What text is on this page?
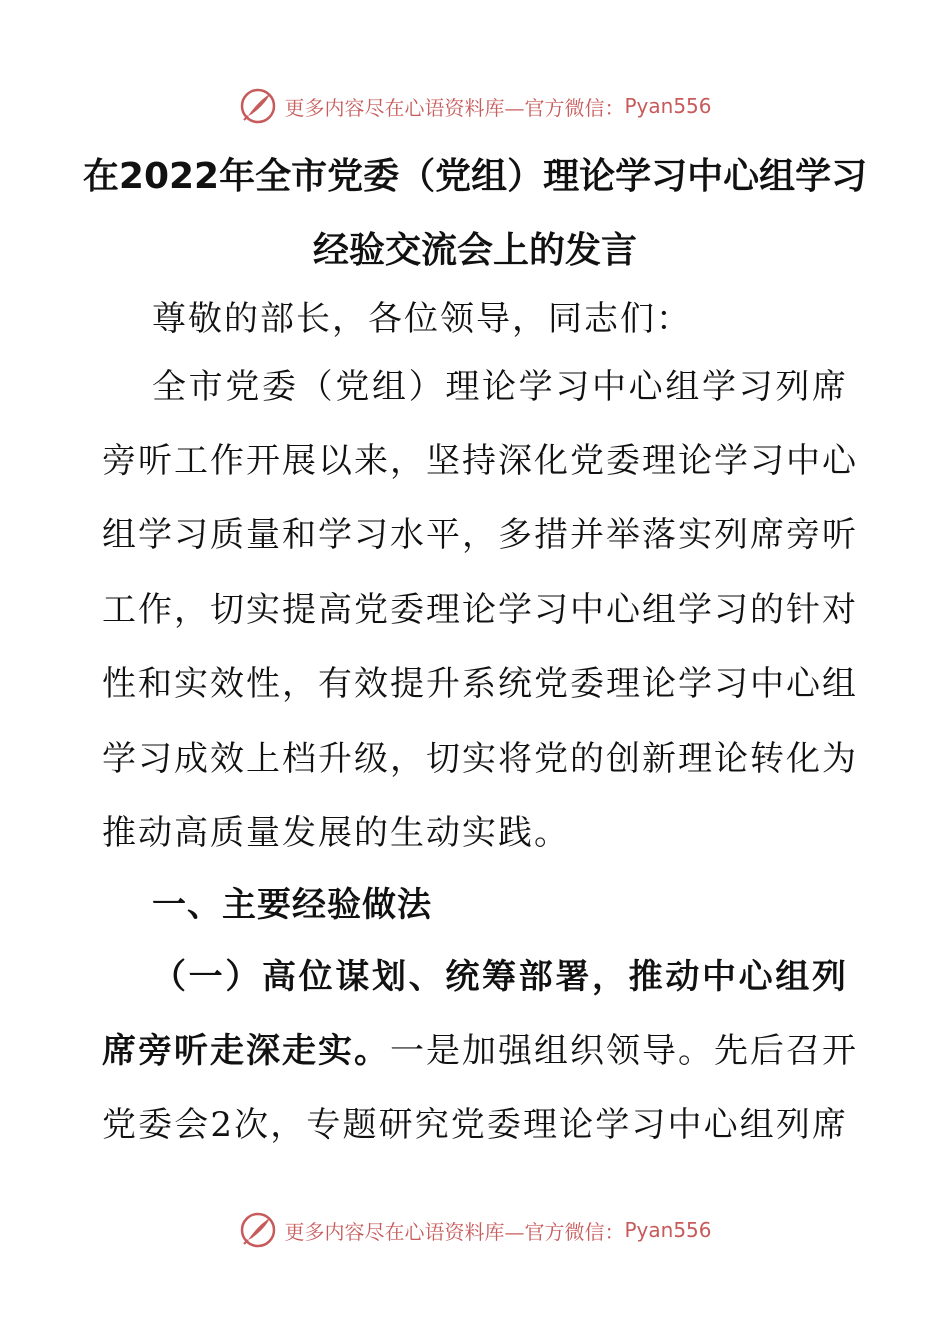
更多内容尽在心语资料库—官方微信： Pyan556
在2022年全市党委（党组）理论学习中心组学习
经验交流会上的发言
尊敬的部长，各位领导，同志们：
全市党委（党组）理论学习中心组学习列席
旁听工作开展以来，坚持深化党委理论学习中心
组学习质量和学习水平，多措并举落实列席旁听
工作，切实提高党委理论学习中心组学习的针对
性和实效性，有效提升系统党委理论学习中心组
学习成效上档升级，切实将党的创新理论转化为
推动高质量发展的生动实践。
一、主要经验做法
（一）高位谋划、统筹部署，推动中心组列
席旁听走深走实。一是加强组织领导。先后召开
党委会2次，专题研究党委理论学习中心组列席
更多内容尽在心语资料库—官方微信： Pyan556
